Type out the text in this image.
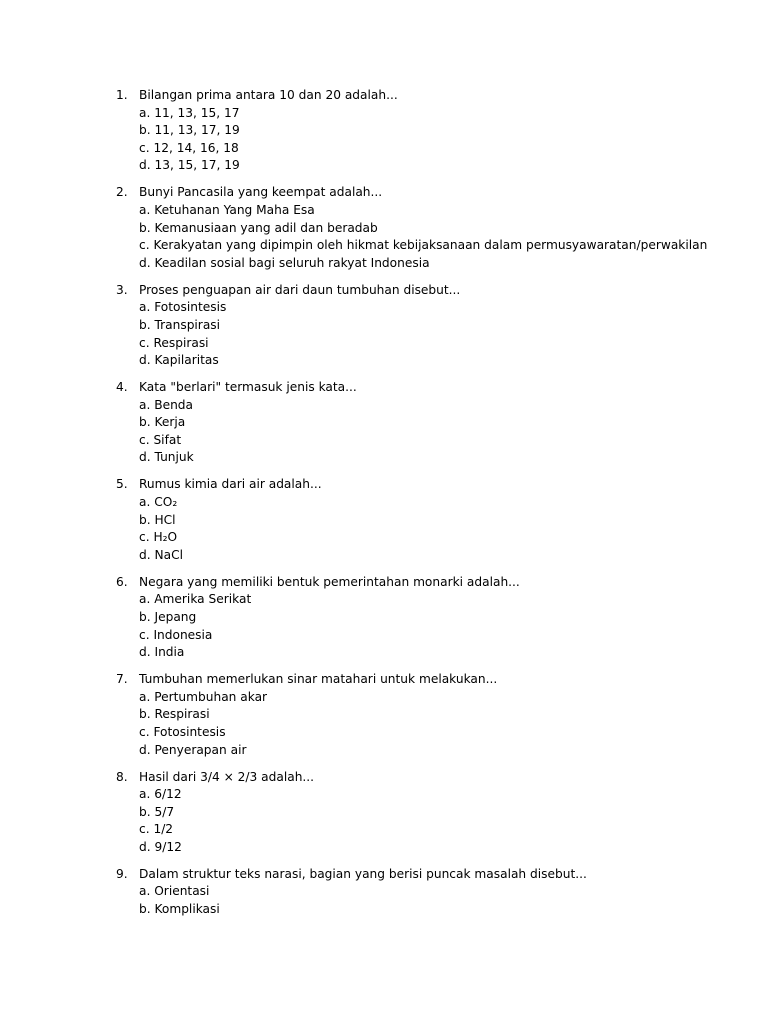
1. Bilangan prima antara 10 dan 20 adalah...
a. 11, 13, 15, 17
b. 11, 13, 17, 19
c. 12, 14, 16, 18
d. 13, 15, 17, 19
2. Bunyi Pancasila yang keempat adalah...
a. Ketuhanan Yang Maha Esa
b. Kemanusiaan yang adil dan beradab
c. Kerakyatan yang dipimpin oleh hikmat kebijaksanaan dalam permusyawaratan/perwakilan
d. Keadilan sosial bagi seluruh rakyat Indonesia
3. Proses penguapan air dari daun tumbuhan disebut...
a. Fotosintesis
b. Transpirasi
c. Respirasi
d. Kapilaritas
4. Kata "berlari" termasuk jenis kata...
a. Benda
b. Kerja
c. Sifat
d. Tunjuk
5. Rumus kimia dari air adalah...
a. CO₂
b. HCl
c. H₂O
d. NaCl
6. Negara yang memiliki bentuk pemerintahan monarki adalah...
a. Amerika Serikat
b. Jepang
c. Indonesia
d. India
7. Tumbuhan memerlukan sinar matahari untuk melakukan...
a. Pertumbuhan akar
b. Respirasi
c. Fotosintesis
d. Penyerapan air
8. Hasil dari 3/4 × 2/3 adalah...
a. 6/12
b. 5/7
c. 1/2
d. 9/12
9. Dalam struktur teks narasi, bagian yang berisi puncak masalah disebut...
a. Orientasi
b. Komplikasi
